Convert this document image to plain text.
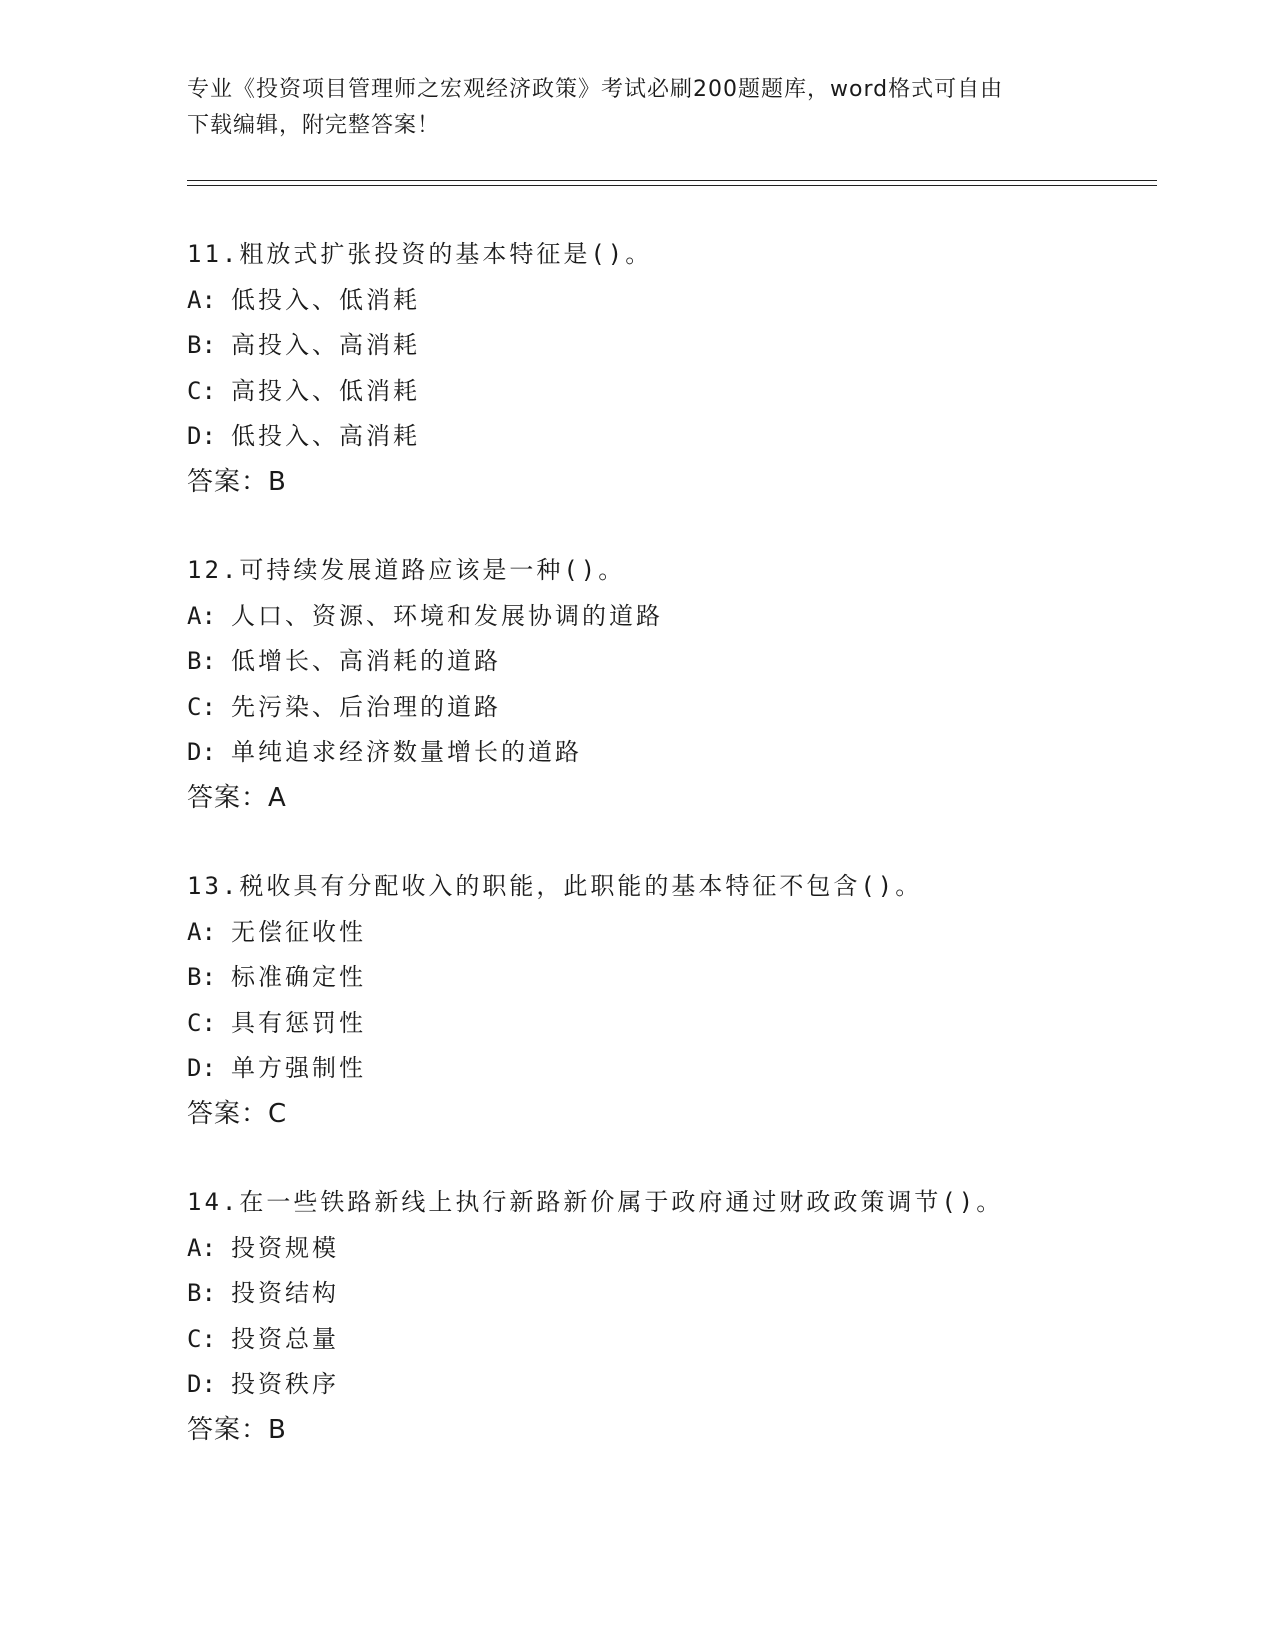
专业《投资项目管理师之宏观经济政策》考试必刷200题题库，word格式可自由
下载编辑，附完整答案！
11.粗放式扩张投资的基本特征是()。
A: 低投入、低消耗
B: 高投入、高消耗
C: 高投入、低消耗
D: 低投入、高消耗
答案：B
12.可持续发展道路应该是一种()。
A: 人口、资源、环境和发展协调的道路
B: 低增长、高消耗的道路
C: 先污染、后治理的道路
D: 单纯追求经济数量增长的道路
答案：A
13.税收具有分配收入的职能，此职能的基本特征不包含()。
A: 无偿征收性
B: 标准确定性
C: 具有惩罚性
D: 单方强制性
答案：C
14.在一些铁路新线上执行新路新价属于政府通过财政政策调节()。
A: 投资规模
B: 投资结构
C: 投资总量
D: 投资秩序
答案：B
